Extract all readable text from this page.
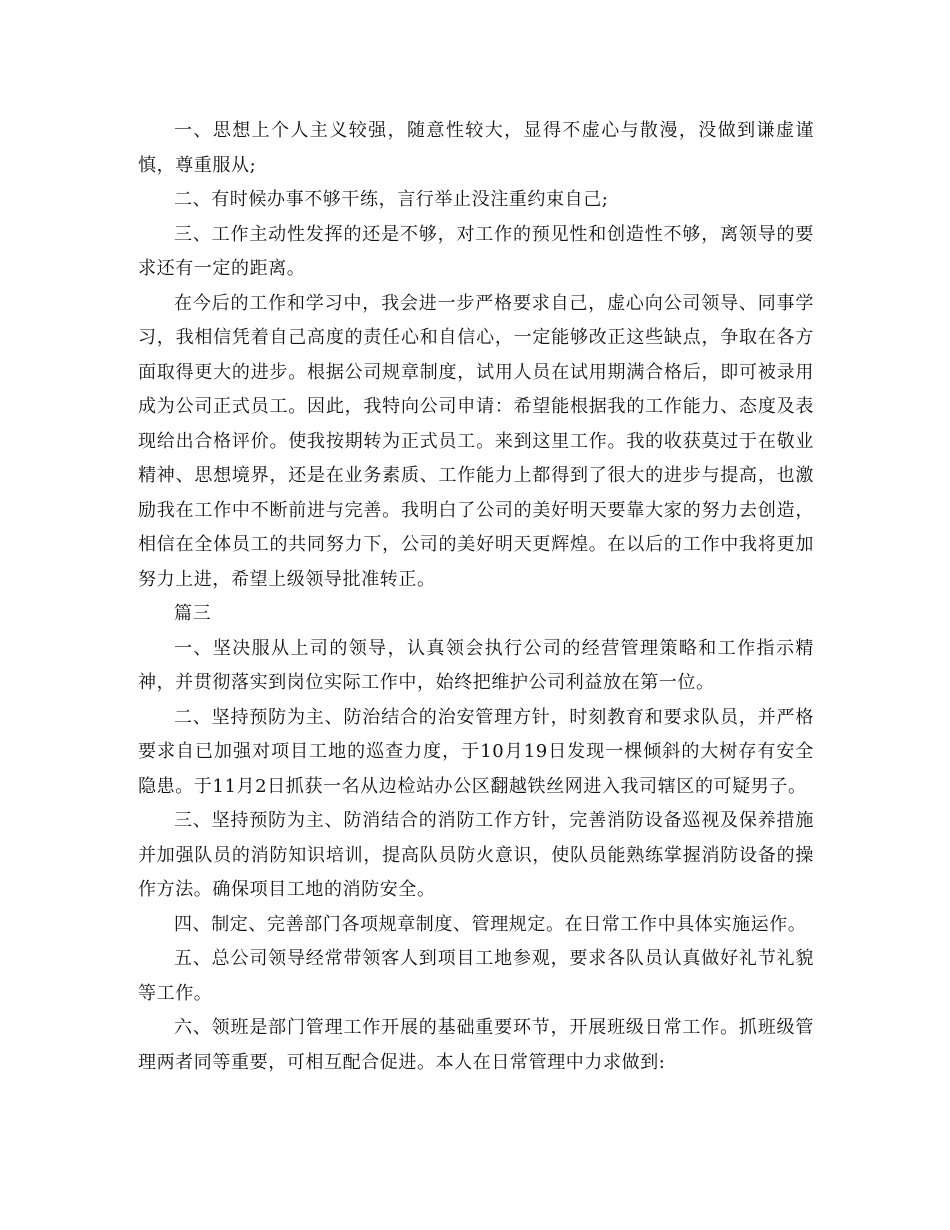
一、思想上个人主义较强，随意性较大，显得不虚心与散漫，没做到谦虚谨慎，尊重服从;

二、有时候办事不够干练，言行举止没注重约束自己;

三、工作主动性发挥的还是不够，对工作的预见性和创造性不够，离领导的要求还有一定的距离。

在今后的工作和学习中，我会进一步严格要求自己，虚心向公司领导、同事学习，我相信凭着自己高度的责任心和自信心，一定能够改正这些缺点，争取在各方面取得更大的进步。根据公司规章制度，试用人员在试用期满合格后，即可被录用成为公司正式员工。因此，我特向公司申请：希望能根据我的工作能力、态度及表现给出合格评价。使我按期转为正式员工。来到这里工作。我的收获莫过于在敬业精神、思想境界，还是在业务素质、工作能力上都得到了很大的进步与提高，也激励我在工作中不断前进与完善。我明白了公司的美好明天要靠大家的努力去创造，相信在全体员工的共同努力下，公司的美好明天更辉煌。在以后的工作中我将更加努力上进，希望上级领导批准转正。

篇三

一、坚决服从上司的领导，认真领会执行公司的经营管理策略和工作指示精神，并贯彻落实到岗位实际工作中，始终把维护公司利益放在第一位。

二、坚持预防为主、防治结合的治安管理方针，时刻教育和要求队员，并严格要求自已加强对项目工地的巡查力度，于10月19日发现一棵倾斜的大树存有安全隐患。于11月2日抓获一名从边检站办公区翻越铁丝网进入我司辖区的可疑男子。

三、坚持预防为主、防消结合的消防工作方针，完善消防设备巡视及保养措施并加强队员的消防知识培训，提高队员防火意识，使队员能熟练掌握消防设备的操作方法。确保项目工地的消防安全。

四、制定、完善部门各项规章制度、管理规定。在日常工作中具体实施运作。

五、总公司领导经常带领客人到项目工地参观，要求各队员认真做好礼节礼貌等工作。

六、领班是部门管理工作开展的基础重要环节，开展班级日常工作。抓班级管理两者同等重要，可相互配合促进。本人在日常管理中力求做到:
